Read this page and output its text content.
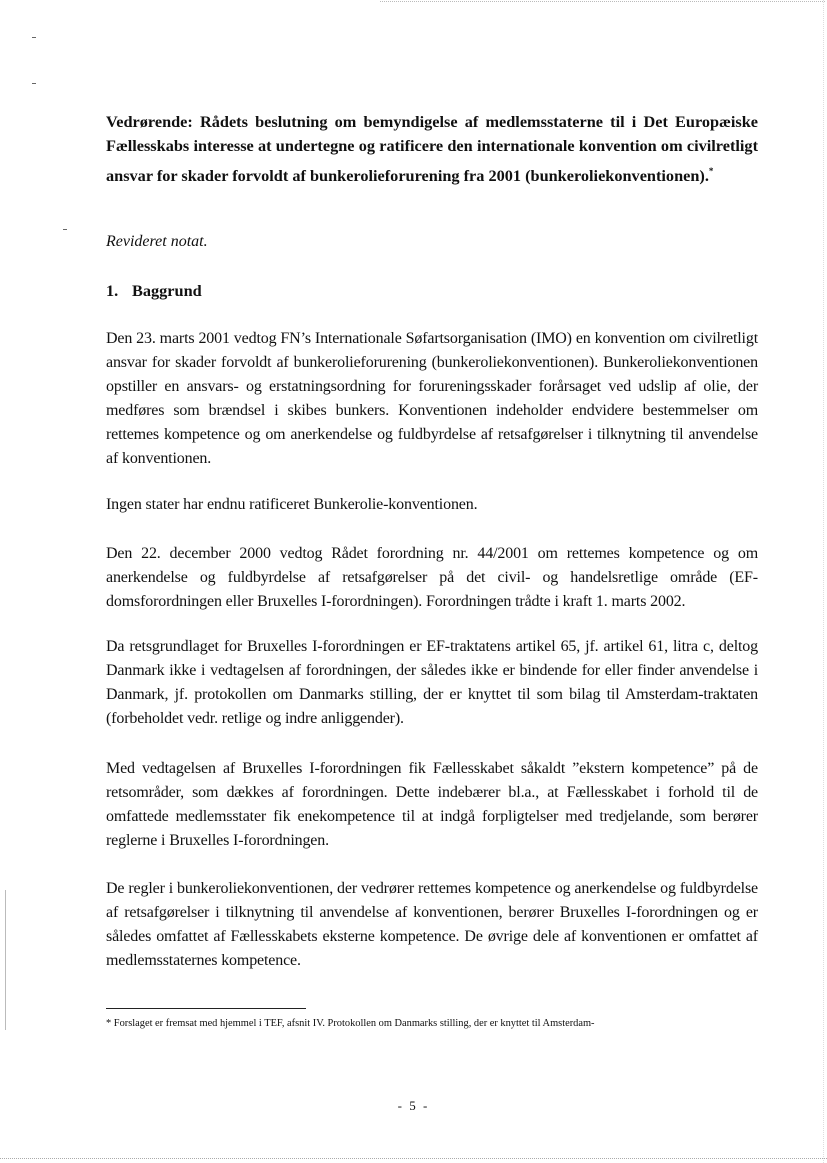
Vedrørende: Rådets beslutning om bemyndigelse af medlemsstaterne til i Det Europæiske Fællesskabs interesse at undertegne og ratificere den internationale konvention om civilretligt ansvar for skader forvoldt af bunkerolieforurening fra 2001 (bunkeroliekonventionen).*
Revideret notat.
1. Baggrund
Den 23. marts 2001 vedtog FN’s Internationale Søfartsorganisation (IMO) en konvention om civilretligt ansvar for skader forvoldt af bunkerolieforurening (bunkeroliekonventionen). Bunkeroliekonventionen opstiller en ansvars- og erstatningsordning for forureningsskader forårsaget ved udslip af olie, der medføres som brændsel i skibes bunkers. Konventionen indeholder endvidere bestemmelser om rettemes kompetence og om anerkendelse og fuldbyrdelse af retsafgørelser i tilknytning til anvendelse af konventionen.
Ingen stater har endnu ratificeret Bunkerolie-konventionen.
Den 22. december 2000 vedtog Rådet forordning nr. 44/2001 om rettemes kompetence og om anerkendelse og fuldbyrdelse af retsafgørelser på det civil- og handelsretlige område (EF-domsforordningen eller Bruxelles I-forordningen). Forordningen trådte i kraft 1. marts 2002.
Da retsgrundlaget for Bruxelles I-forordningen er EF-traktatens artikel 65, jf. artikel 61, litra c, deltog Danmark ikke i vedtagelsen af forordningen, der således ikke er bindende for eller finder anvendelse i Danmark, jf. protokollen om Danmarks stilling, der er knyttet til som bilag til Amsterdam-traktaten (forbeholdet vedr. retlige og indre anliggender).
Med vedtagelsen af Bruxelles I-forordningen fik Fællesskabet såkaldt ”ekstern kompetence” på de retsområder, som dækkes af forordningen. Dette indebærer bl.a., at Fællesskabet i forhold til de omfattede medlemsstater fik enekompetence til at indgå forpligtelser med tredjelande, som berører reglerne i Bruxelles I-forordningen.
De regler i bunkeroliekonventionen, der vedrører rettemes kompetence og anerkendelse og fuldbyrdelse af retsafgørelser i tilknytning til anvendelse af konventionen, berører Bruxelles I-forordningen og er således omfattet af Fællesskabets eksterne kompetence. De øvrige dele af konventionen er omfattet af medlemsstaternes kompetence.
* Forslaget er fremsat med hjemmel i TEF, afsnit IV. Protokollen om Danmarks stilling, der er knyttet til Amsterdam-
- 5 -
